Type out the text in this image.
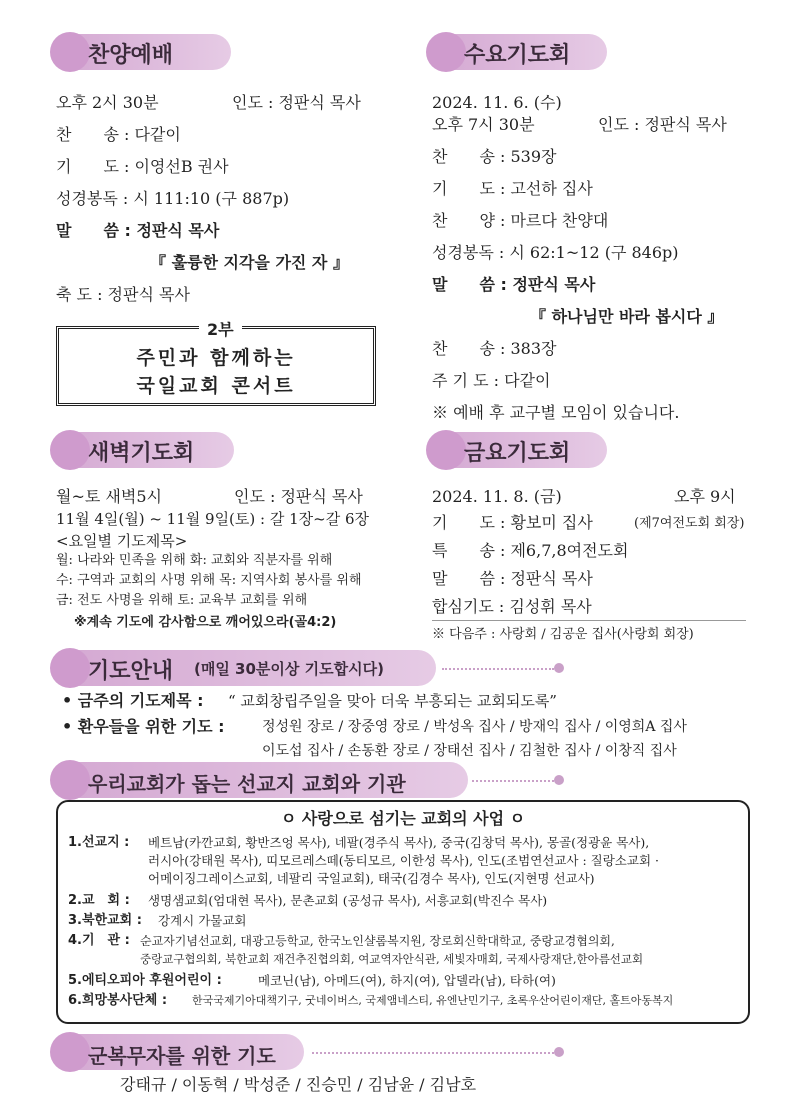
찬양예배
오후 2시 30분	인도 : 정판식 목사
찬　　송 : 다같이
기　　도 : 이영선B 권사
성경봉독 : 시 111:10 (구 887p)
말　　씀 : 정판식 목사
『 훌륭한 지각을 가진 자 』
축 도 : 정판식 목사
2부
주민과 함께하는
국일교회 콘서트
수요기도회
2024. 11. 6. (수)
오후 7시 30분	인도 : 정판식 목사
찬　　송 : 539장
기　　도 : 고선하 집사
찬　　양 : 마르다 찬양대
성경봉독 : 시 62:1~12 (구 846p)
말　　씀 : 정판식 목사
『 하나님만 바라 봅시다 』
찬　　송 : 383장
주 기 도 : 다같이
※ 예배 후 교구별 모임이 있습니다.
새벽기도회
월~토 새벽5시	인도 : 정판식 목사
11월 4일(월) ~ 11월 9일(토) : 갈 1장~갈 6장
<요일별 기도제목>
월: 나라와 민족을 위해 화: 교회와 직분자를 위해
수: 구역과 교회의 사명 위해 목: 지역사회 봉사를 위해
금: 전도 사명을 위해 토: 교육부 교회를 위해
※계속 기도에 감사함으로 깨어있으라(골4:2)
금요기도회
2024. 11. 8. (금)	오후 9시
기　　도 : 황보미 집사	(제7여전도회 회장)
특　　송 : 제6,7,8여전도회
말　　씀 : 정판식 목사
합심기도 : 김성휘 목사
※ 다음주 : 사랑회 / 김공운 집사(사랑회 회장)
기도안내 (매일 30분이상 기도합시다)
• 금주의 기도제목 : “ 교회창립주일을 맞아 더욱 부흥되는 교회되도록”
• 환우들을 위한 기도 :	정성원 장로 / 장중영 장로 / 박성옥 집사 / 방재익 집사 / 이영희A 집사
이도섭 집사 / 손동환 장로 / 장태선 집사 / 김철한 집사 / 이창직 집사
우리교회가 돕는 선교지 교회와 기관
ㅇ 사랑으로 섬기는 교회의 사업 ㅇ
1.선교지 : 베트남(카깐교회, 황반즈엉 목사), 네팔(경주식 목사), 중국(김창덕 목사), 몽골(정광윤 목사),
러시아(강태원 목사), 띠모르레스떼(동티모르, 이한성 목사), 인도(조범연선교사 : 질랑소교회 ·
어메이징그레이스교회, 네팔리 국일교회), 태국(김경수 목사), 인도(지현명 선교사)
2.교　회 : 생명샘교회(엄대현 목사), 문촌교회 (공성규 목사), 서흥교회(박진수 목사)
3.북한교회 : 강계시 가물교회
4.기　관 : 순교자기념선교회, 대광고등학교, 한국노인샬롬복지원, 장로회신학대학교, 중랑교경협의회,
중랑교구협의회, 북한교회 재건추진협의회, 여교역자안식관, 세빛자매회, 국제사랑재단,한아름선교회
5.에티오피아 후원어린이 :	메코닌(남), 아메드(여), 하지(여), 압델라(남), 타하(여)
6.희망봉사단체 : 한국국제기아대책기구, 굿네이버스, 국제앰네스티, 유엔난민기구, 초록우산어린이재단, 홀트아동복지
군복무자를 위한 기도
강태규 / 이동혁 / 박성준 / 진승민 / 김남윤 / 김남호
